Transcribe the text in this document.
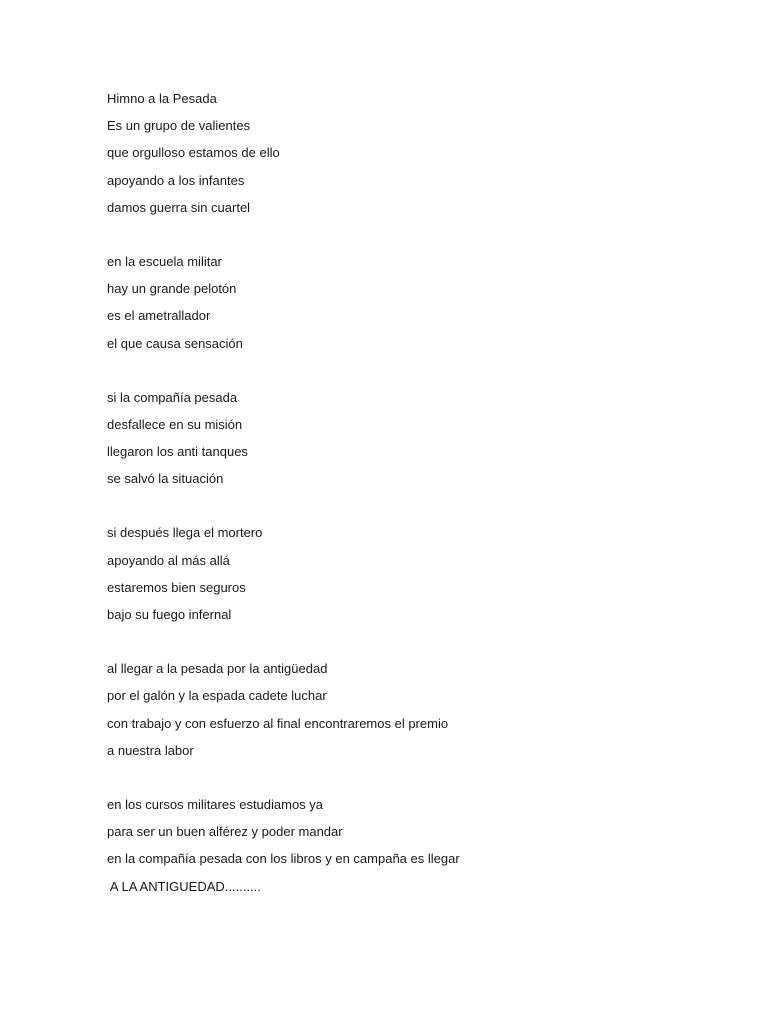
Himno a la Pesada
Es un grupo de valientes
que orgulloso estamos de ello
apoyando a los infantes
damos guerra sin cuartel
en la escuela militar
hay un grande pelotón
es el ametrallador
el que causa sensación
si la compañía pesada
desfallece en su misión
llegaron los anti tanques
se salvó la situación
si después llega el mortero
apoyando al más allá
estaremos bien seguros
bajo su fuego infernal
al llegar a la pesada por la antigüedad
por el galón y la espada cadete luchar
con trabajo y con esfuerzo al final encontraremos el premio
a nuestra labor
en los cursos militares estudiamos ya
para ser un buen alférez y poder mandar
en la compañía pesada con los libros y en campaña es llegar
A LA ANTIGUEDAD..........
